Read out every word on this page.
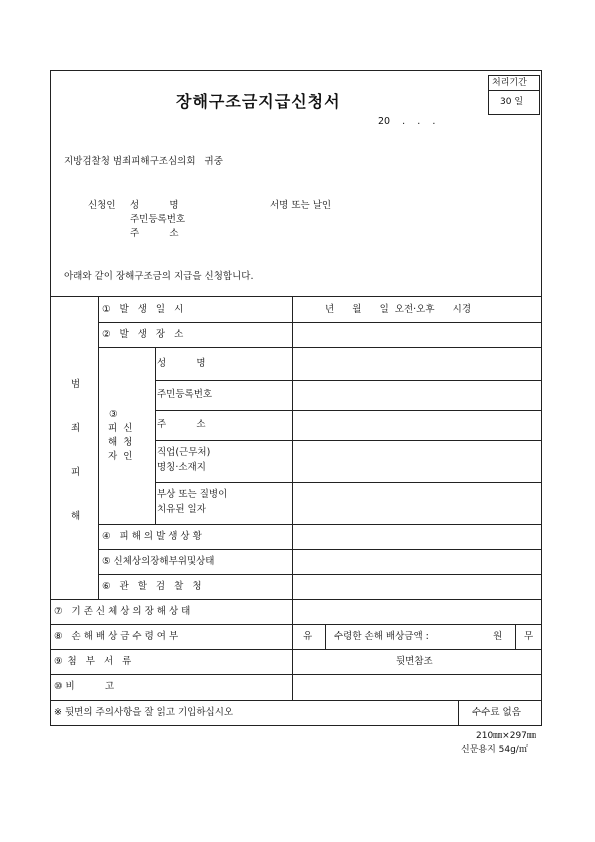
처리기간
30 일
장해구조금지급신청서
20    .    .    .
지방검찰청 범죄피해구조심의회   귀중
신청인 성          명	서명 또는 날인
주민등록번호
주          소
아래와 같이 장해구조금의 지급을 신청합니다.
범
죄
피
해
① 발 생 일 시	년      월      일  오전·오후      시경
② 발 생 장 소
③
피  신
해  청
자  인
성          명
주민등록번호
주          소
직업(근무처)
명칭·소재지
부상 또는 질병이
치유된 일자
④ 피해의발생상황
⑤ 신체상의장해부위및상태
⑥ 관 할 검 찰 청
⑦ 기존신체상의장해상태
⑧ 손해배상금수령여부	유 수령한 손해 배상금액 :	원 무
⑨ 첨  부  서  류	뒷면참조
⑩ 비          고
※ 뒷면의 주의사항을 잘 읽고 기입하십시오	수수료 없음
210㎜×297㎜
신문용지 54g/㎡
